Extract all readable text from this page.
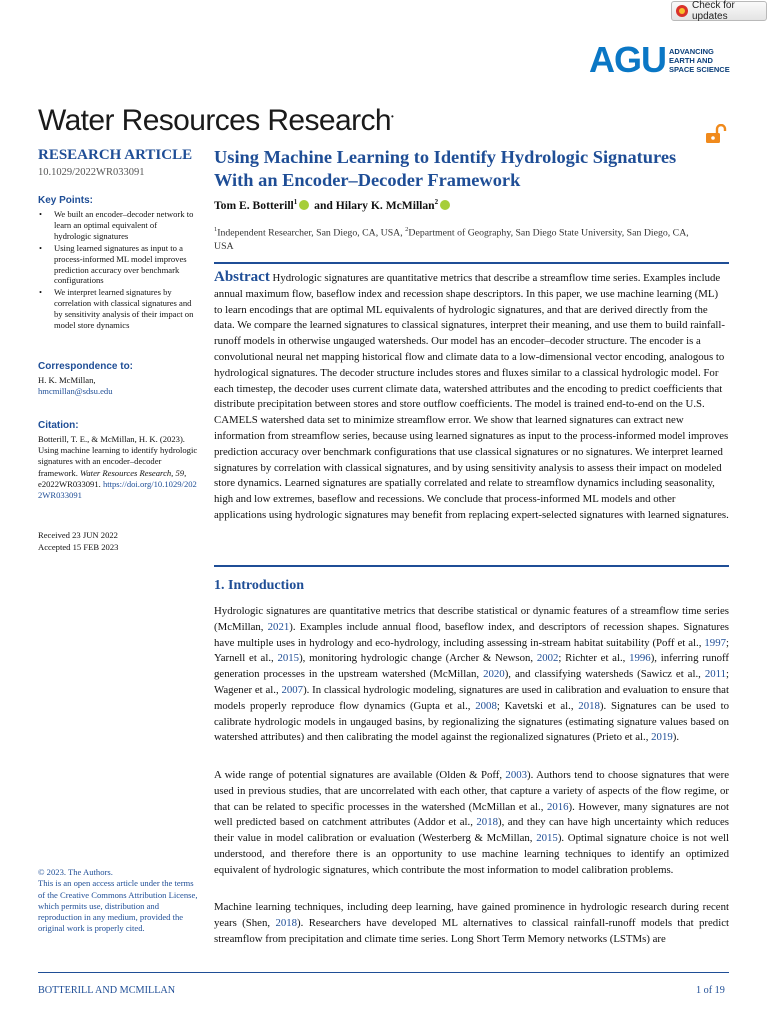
Check for updates
AGU ADVANCING
EARTH AND
SPACE SCIENCE
Water Resources Research•
RESEARCH ARTICLE
10.1029/2022WR033091
Key Points:
• We built an encoder–decoder network to learn an optimal equivalent of hydrologic signatures
• Using learned signatures as input to a process-informed ML model improves prediction accuracy over benchmark configurations
• We interpret learned signatures by correlation with classical signatures and by sensitivity analysis of their impact on model store dynamics
Correspondence to:
H. K. McMillan,
hmcmillan@sdsu.edu
Citation:
Botterill, T. E., & McMillan, H. K. (2023). Using machine learning to identify hydrologic signatures with an encoder–decoder framework. Water Resources Research, 59, e2022WR033091. https://doi.org/10.1029/2022WR033091
Received 23 JUN 2022
Accepted 15 FEB 2023
© 2023. The Authors.
This is an open access article under the terms of the Creative Commons Attribution License, which permits use, distribution and reproduction in any medium, provided the original work is properly cited.
Using Machine Learning to Identify Hydrologic Signatures
With an Encoder–Decoder Framework
Tom E. Botterill$^1$ and Hilary K. McMillan$^2$
$^1$Independent Researcher, San Diego, CA, USA, $^2$Department of Geography, San Diego State University, San Diego, CA,
USA

Abstract Hydrologic signatures are quantitative metrics that describe a streamflow time series. Examples include annual maximum flow, baseflow index and recession shape descriptors. In this paper, we use machine learning (ML) to learn encodings that are optimal ML equivalents of hydrologic signatures, and that are derived directly from the data. We compare the learned signatures to classical signatures, interpret their meaning, and use them to build rainfall-runoff models in otherwise ungauged watersheds. Our model has an encoder–decoder structure. The encoder is a convolutional neural net mapping historical flow and climate data to a low-dimensional vector encoding, analogous to hydrological signatures. The decoder structure includes stores and fluxes similar to a classical hydrologic model. For each timestep, the decoder uses current climate data, watershed attributes and the encoding to predict coefficients that distribute precipitation between stores and store outflow coefficients. The model is trained end-to-end on the U.S. CAMELS watershed data set to minimize streamflow error. We show that learned signatures can extract new information from streamflow series, because using learned signatures as input to the process-informed model improves prediction accuracy over benchmark configurations that use classical signatures or no signatures. We interpret learned signatures by correlation with classical signatures, and by using sensitivity analysis to assess their impact on modeled store dynamics. Learned signatures are spatially correlated and relate to streamflow dynamics including seasonality, high and low extremes, baseflow and recessions. We conclude that process-informed ML models and other applications using hydrologic signatures may benefit from replacing expert-selected signatures with learned signatures.

1. Introduction

Hydrologic signatures are quantitative metrics that describe statistical or dynamic features of a streamflow time series (McMillan, 2021). Examples include annual flood, baseflow index, and descriptors of recession shapes. Signatures have multiple uses in hydrology and eco-hydrology, including assessing in-stream habitat suitability (Poff et al., 1997; Yarnell et al., 2015), monitoring hydrologic change (Archer & Newson, 2002; Richter et al., 1996), inferring runoff generation processes in the upstream watershed (McMillan, 2020), and classifying watersheds (Sawicz et al., 2011; Wagener et al., 2007). In classical hydrologic modeling, signatures are used in calibration and evaluation to ensure that models properly reproduce flow dynamics (Gupta et al., 2008; Kavetski et al., 2018). Signatures can be used to calibrate hydrologic models in ungauged basins, by regionalizing the signatures (estimating signature values based on watershed attributes) and then calibrating the model against the regionalized signatures (Prieto et al., 2019).

A wide range of potential signatures are available (Olden & Poff, 2003). Authors tend to choose signatures that were used in previous studies, that are uncorrelated with each other, that capture a variety of aspects of the flow regime, or that can be related to specific processes in the watershed (McMillan et al., 2016). However, many signatures are not well predicted based on catchment attributes (Addor et al., 2018), and they can have high uncertainty which reduces their value in model calibration or evaluation (Westerberg & McMillan, 2015). Optimal signature choice is not well understood, and therefore there is an opportunity to use machine learning techniques to identify an optimized equivalent of hydrologic signatures, which contribute the most information to model calibration problems.

Machine learning techniques, including deep learning, have gained prominence in hydrologic research during recent years (Shen, 2018). Researchers have developed ML alternatives to classical rainfall-runoff models that predict streamflow from precipitation and climate time series. Long Short Term Memory networks (LSTMs) are

BOTTERILL AND MCMILLAN	1 of 19
